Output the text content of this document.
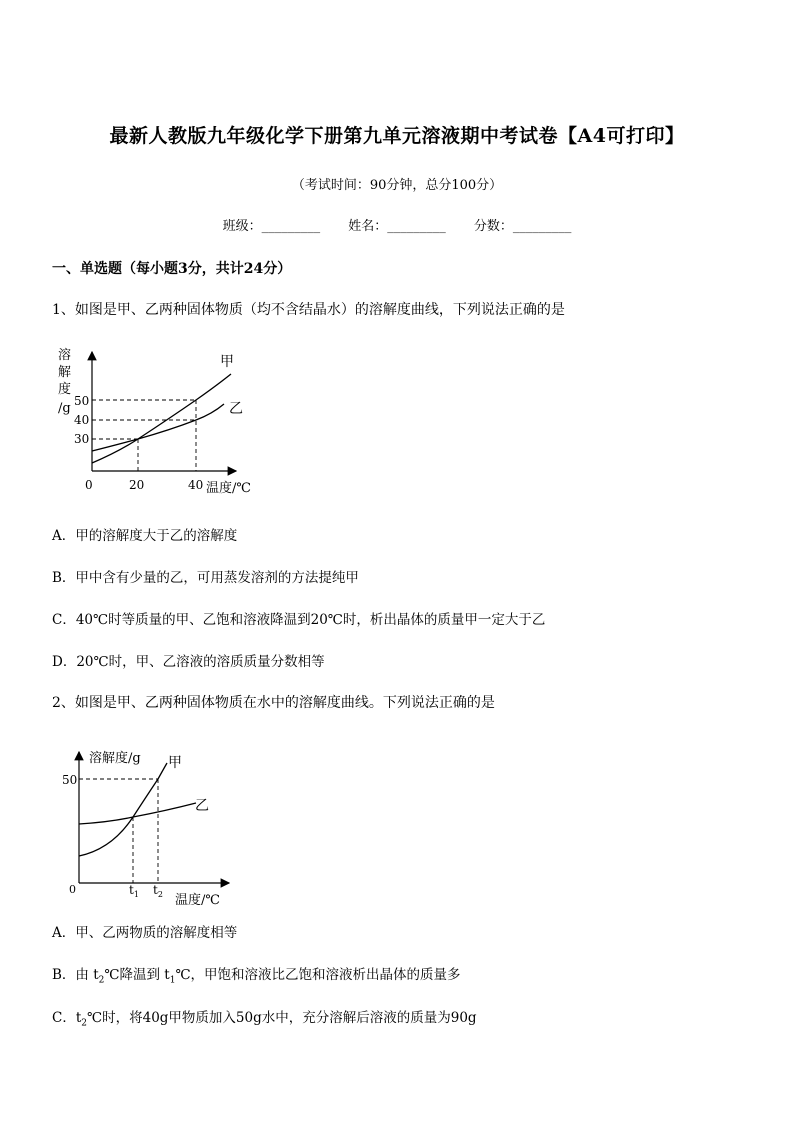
最新人教版九年级化学下册第九单元溶液期中考试卷【A4可打印】
（考试时间：90分钟，总分100分）
班级：_________ 姓名：_________ 分数：_________
一、单选题（每小题3分，共计24分）
1、如图是甲、乙两种固体物质（均不含结晶水）的溶解度曲线，下列说法正确的是
溶
解
度
/g 50
40
30
0	20	40 温度/℃
甲
乙
A．甲的溶解度大于乙的溶解度
B．甲中含有少量的乙，可用蒸发溶剂的方法提纯甲
C．40℃时等质量的甲、乙饱和溶液降温到20℃时，析出晶体的质量甲一定大于乙
D．20℃时，甲、乙溶液的溶质质量分数相等
2、如图是甲、乙两种固体物质在水中的溶解度曲线。下列说法正确的是
溶解度/g
50
0	$t_1$ $t_2$ 温度/℃
甲
乙
A．甲、乙两物质的溶解度相等
B．由 $t_2℃$降温到 $t_1℃$，甲饱和溶液比乙饱和溶液析出晶体的质量多
C．$t_2℃$时，将40g甲物质加入50g水中，充分溶解后溶液的质量为90g
